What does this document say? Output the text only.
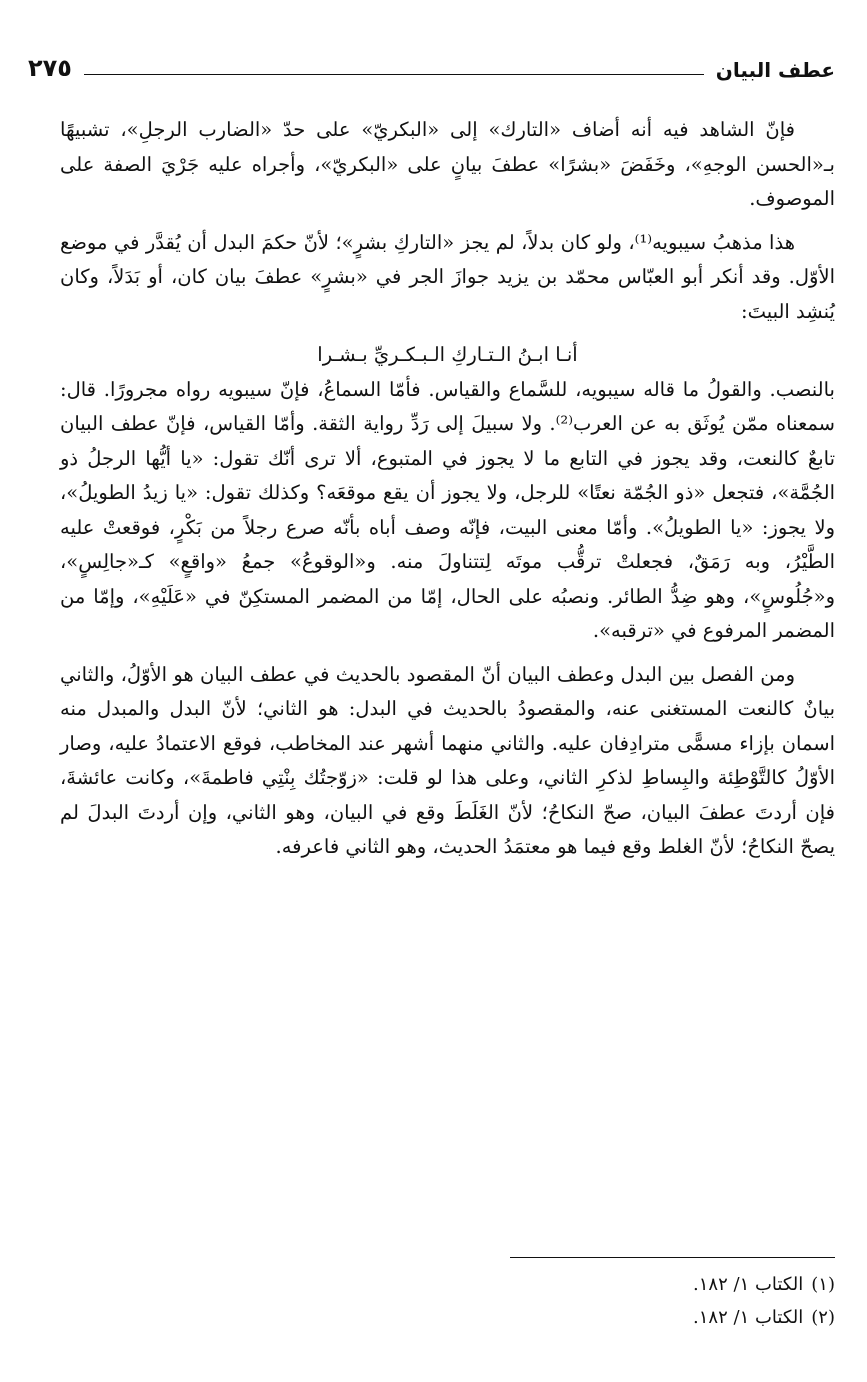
عطف البيان
٢٧٥

فإنّ الشاهد فيه أنه أضاف «التارك» إلى «البكريّ» على حدّ «الضارب الرجلِ»، تشبيهًا بـ«الحسن الوجهِ»، وخَفَضَ «بشرًا» عطفَ بيانٍ على «البكريّ»، وأجراه عليه جَرْيَ الصفة على الموصوف.

هذا مذهبُ سيبويه⁽¹⁾، ولو كان بدلاً، لم يجز «التاركِ بشرٍ»؛ لأنّ حكمَ البدل أن يُقدَّر في موضع الأوّل. وقد أنكر أبو العبّاس محمّد بن يزيد جوازَ الجر في «بشرٍ» عطفَ بيان كان، أو بَدَلاً، وكان يُنشِد البيتَ:

أنـا ابـنُ الـتـاركِ الـبـكـريِّ بـشـرا

بالنصب. والقولُ ما قاله سيبويه، للسَّماع والقياس. فأمّا السماعُ، فإنّ سيبويه رواه مجرورًا. قال: سمعناه ممّن يُوثَق به عن العرب⁽²⁾. ولا سبيلَ إلى رَدِّ رواية الثقة. وأمّا القياس، فإنّ عطف البيان تابعٌ كالنعت، وقد يجوز في التابع ما لا يجوز في المتبوع، ألا ترى أنّك تقول: «يا أيُّها الرجلُ ذو الجُمَّة»، فتجعل «ذو الجُمّة نعتًا» للرجل، ولا يجوز أن يقع موقعَه؟ وكذلك تقول: «يا زيدُ الطويلُ»، ولا يجوز: «يا الطويلُ». وأمّا معنى البيت، فإنّه وصف أباه بأنّه صرع رجلاً من بَكْرٍ، فوقعتْ عليه الطَّيْرُ، وبه رَمَقٌ، فجعلتْ ترقُّب موتَه لِتتناولَ منه. و«الوقوعُ» جمعُ «واقعٍ» كـ«جالِسٍ»، و«جُلُوسٍ»، وهو ضِدُّ الطائر. ونصبُه على الحال، إمّا من المضمر المستكِنّ في «عَلَيْهِ»، وإمّا من المضمر المرفوع في «ترقبه».

ومن الفصل بين البدل وعطف البيان أنّ المقصود بالحديث في عطف البيان هو الأوّلُ، والثاني بيانٌ كالنعت المستغنى عنه، والمقصودُ بالحديث في البدل: هو الثاني؛ لأنّ البدل والمبدل منه اسمان بإزاء مسمًّى مترادِفان عليه. والثاني منهما أشهر عند المخاطب، فوقع الاعتمادُ عليه، وصار الأوّلُ كالتَّوْطِئة والبِساطِ لذكرِ الثاني، وعلى هذا لو قلت: «زوّجتُك بِنْتِي فاطمةَ»، وكانت عائشةَ، فإن أردتَ عطفَ البيان، صحّ النكاحُ؛ لأنّ الغَلَطَ وقع في البيان، وهو الثاني، وإن أردتَ البدلَ لم يصحّ النكاحُ؛ لأنّ الغلط وقع فيما هو معتمَدُ الحديث، وهو الثاني فاعرفه.

(١)الكتاب ١/ ١٨٢.
(٢)الكتاب ١/ ١٨٢.
